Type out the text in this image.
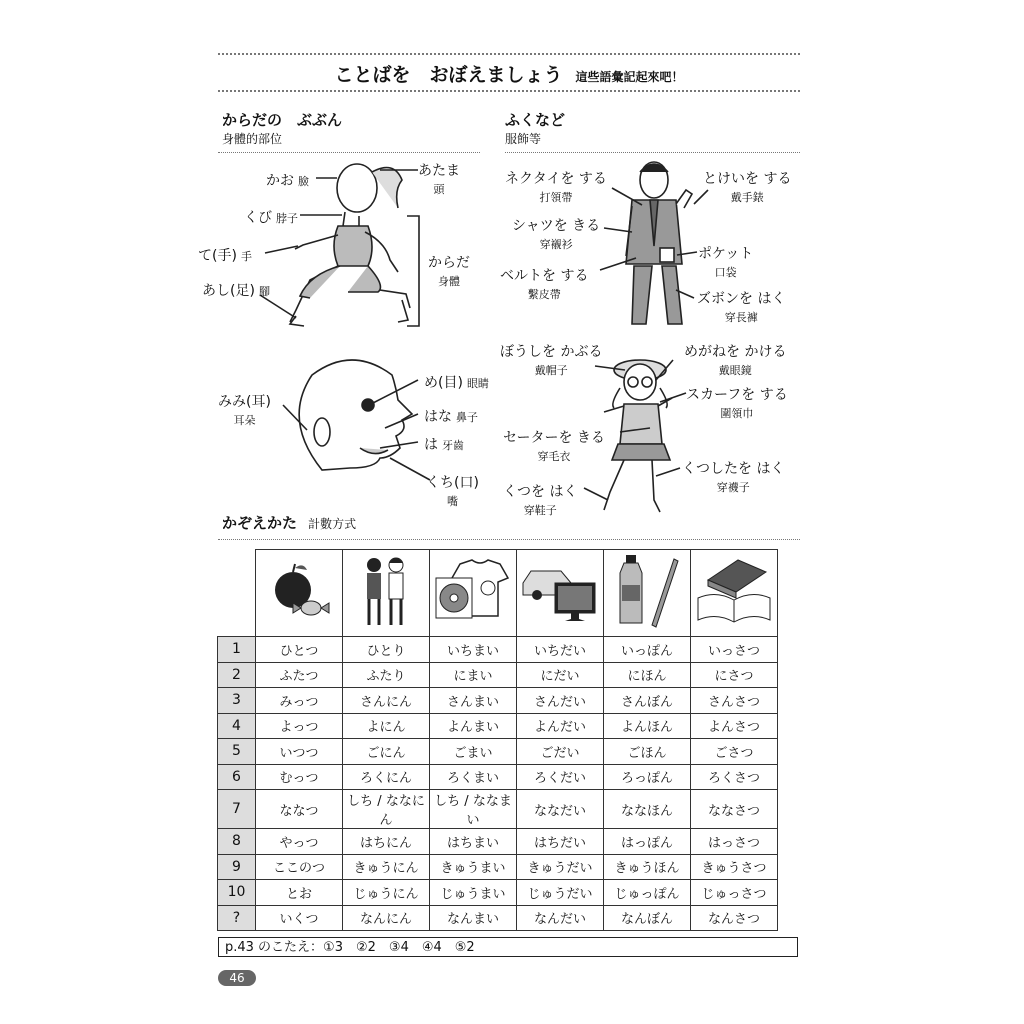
ことばを　おぼえましょう 這些語彙記起來吧！
からだの　ぶぶん
身體的部位
ふくなど
服飾等
かお 臉
あたま
頭
くび 脖子
て(手) 手	からだ
身體
あし(足) 腳
みみ(耳)
耳朵
め(目) 眼睛
はな 鼻子
は 牙齒
くち(口)
嘴
ネクタイを する
打領帶
とけいを する
戴手錶
シャツを きる
穿襯衫
ポケット
口袋
ベルトを する
繫皮帶	ズボンを はく
穿長褲
ぼうしを かぶる
戴帽子
めがねを かける
戴眼鏡
スカーフを する
圍領巾
セーターを きる
穿毛衣
くつしたを はく
穿襪子
くつを はく
穿鞋子
かぞえかた 計數方式

1	ひとつ	ひとり	いちまい	いちだい	いっぽん	いっさつ
2	ふたつ	ふたり	にまい	にだい	にほん	にさつ
3	みっつ	さんにん	さんまい	さんだい	さんぼん	さんさつ
4	よっつ	よにん	よんまい	よんだい	よんほん	よんさつ
5	いつつ	ごにん	ごまい	ごだい	ごほん	ごさつ
6	むっつ	ろくにん	ろくまい	ろくだい	ろっぽん	ろくさつ
7	ななつ	しち / ななにん	しち / ななまい	ななだい	ななほん	ななさつ
8	やっつ	はちにん	はちまい	はちだい	はっぽん	はっさつ
9	ここのつ	きゅうにん	きゅうまい	きゅうだい	きゅうほん	きゅうさつ
10	とお	じゅうにん	じゅうまい	じゅうだい	じゅっぽん	じゅっさつ
?	いくつ	なんにん	なんまい	なんだい	なんぼん	なんさつ
p.43 のこたえ：①3　②2　③4　④4　⑤2
46
